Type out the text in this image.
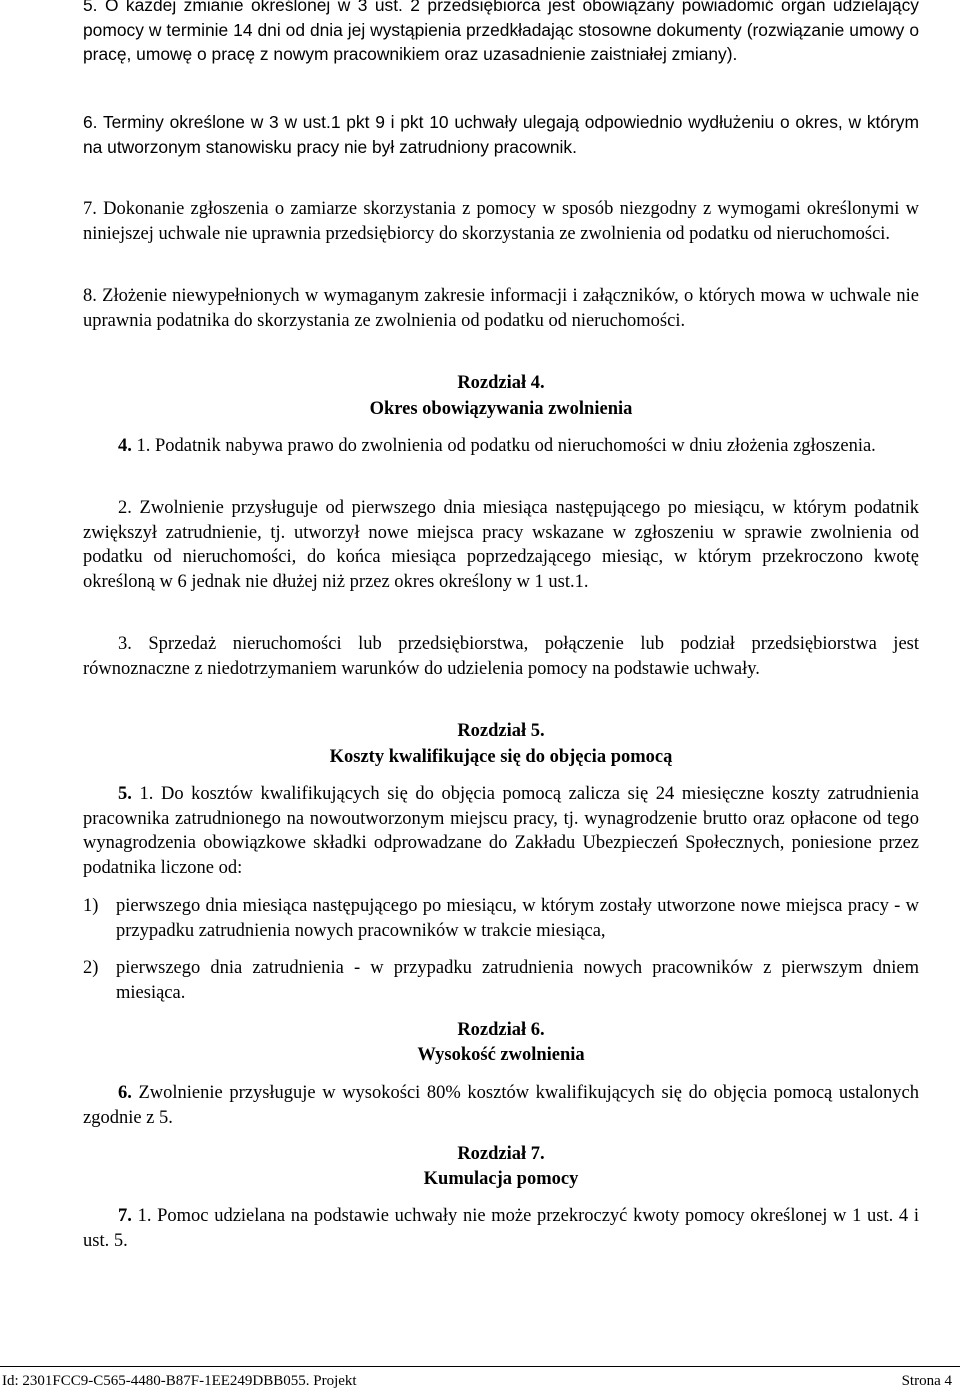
5. O każdej zmianie określonej w 3 ust. 2 przedsiębiorca jest obowiązany powiadomić organ udzielający pomocy w terminie 14 dni od dnia jej wystąpienia przedkładając stosowne dokumenty (rozwiązanie umowy o pracę, umowę o pracę z nowym pracownikiem oraz uzasadnienie zaistniałej zmiany).

6. Terminy określone w 3 w ust.1 pkt 9 i pkt 10 uchwały ulegają odpowiednio wydłużeniu o okres, w którym na utworzonym stanowisku pracy nie był zatrudniony pracownik.

7. Dokonanie zgłoszenia o zamiarze skorzystania z pomocy w sposób niezgodny z wymogami określonymi w niniejszej uchwale nie uprawnia przedsiębiorcy do skorzystania ze zwolnienia od podatku od nieruchomości.

8. Złożenie niewypełnionych w wymaganym zakresie informacji i załączników, o których mowa w uchwale nie uprawnia podatnika do skorzystania ze zwolnienia od podatku od nieruchomości.

Rozdział 4.
Okres obowiązywania zwolnienia

4. 1. Podatnik nabywa prawo do zwolnienia od podatku od nieruchomości w dniu złożenia zgłoszenia.

2. Zwolnienie przysługuje od pierwszego dnia miesiąca następującego po miesiącu, w którym podatnik zwiększył zatrudnienie, tj. utworzył nowe miejsca pracy wskazane w zgłoszeniu w sprawie zwolnienia od podatku od nieruchomości, do końca miesiąca poprzedzającego miesiąc, w którym przekroczono kwotę określoną w 6 jednak nie dłużej niż przez okres określony w 1 ust.1.

3. Sprzedaż nieruchomości lub przedsiębiorstwa, połączenie lub podział przedsiębiorstwa jest równoznaczne z niedotrzymaniem warunków do udzielenia pomocy na podstawie uchwały.

Rozdział 5.
Koszty kwalifikujące się do objęcia pomocą

5. 1. Do kosztów kwalifikujących się do objęcia pomocą zalicza się 24 miesięczne koszty zatrudnienia pracownika zatrudnionego na nowoutworzonym miejscu pracy, tj. wynagrodzenie brutto oraz opłacone od tego wynagrodzenia obowiązkowe składki odprowadzane do Zakładu Ubezpieczeń Społecznych, poniesione przez podatnika liczone od:

1) pierwszego dnia miesiąca następującego po miesiącu, w którym zostały utworzone nowe miejsca pracy - w przypadku zatrudnienia nowych pracowników w trakcie miesiąca,
2) pierwszego dnia zatrudnienia - w przypadku zatrudnienia nowych pracowników z pierwszym dniem miesiąca.
Rozdział 6.
Wysokość zwolnienia

6. Zwolnienie przysługuje w wysokości 80% kosztów kwalifikujących się do objęcia pomocą ustalonych zgodnie z 5.

Rozdział 7.
Kumulacja pomocy

7. 1. Pomoc udzielana na podstawie uchwały nie może przekroczyć kwoty pomocy określonej w 1 ust. 4 i ust. 5.

Id: 2301FCC9-C565-4480-B87F-1EE249DBB055. Projekt	Strona 4
